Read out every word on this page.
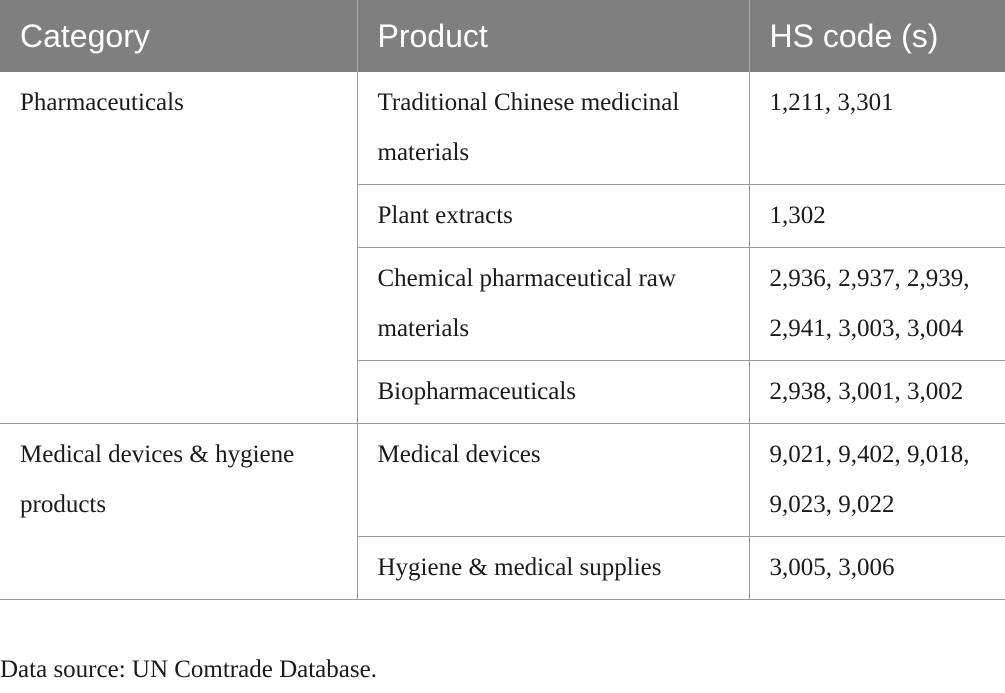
Category	Product	HS code (s)
Pharmaceuticals	Traditional Chinese medicinal materials	1,211, 3,301
	Plant extracts	1,302
	Chemical pharmaceutical raw materials	2,936, 2,937, 2,939, 2,941, 3,003, 3,004
	Biopharmaceuticals	2,938, 3,001, 3,002
Medical devices & hygiene products	Medical devices	9,021, 9,402, 9,018, 9,023, 9,022
	Hygiene & medical supplies	3,005, 3,006
Data source: UN Comtrade Database.
